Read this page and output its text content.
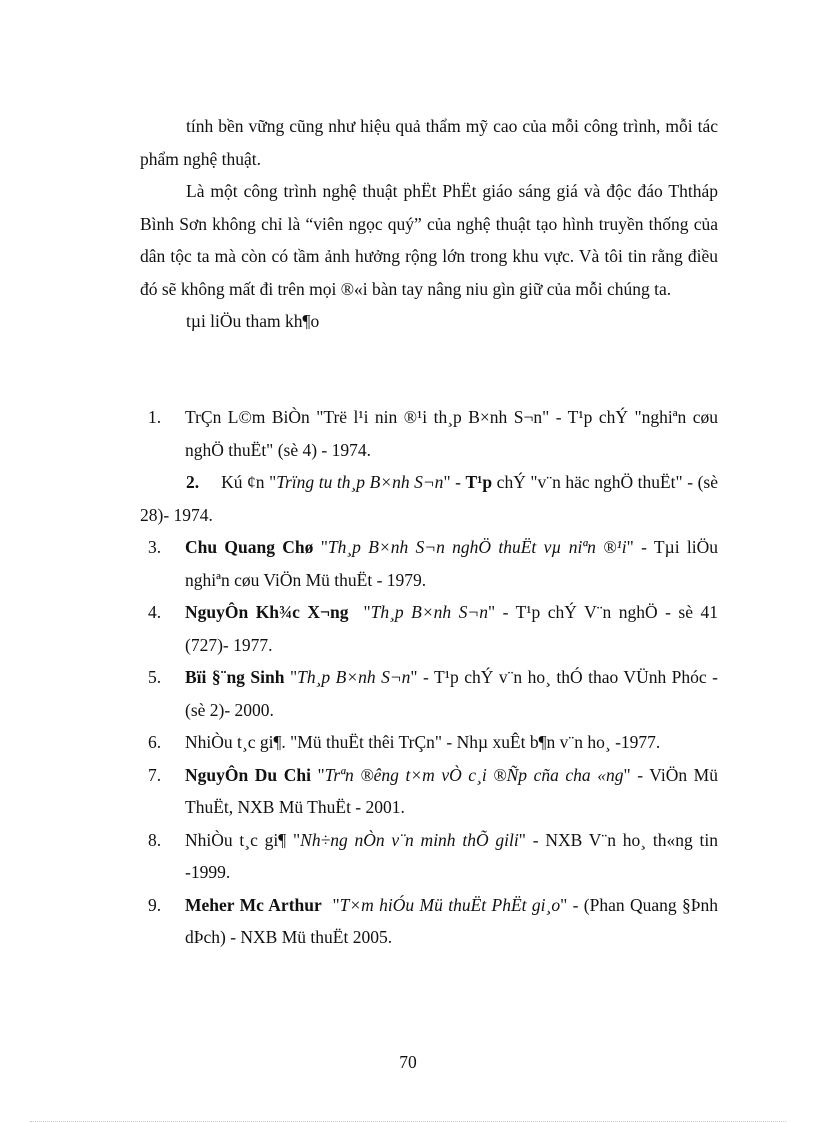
tính bền vững cũng như hiệu quả thẩm mỹ cao của mỗi công trình, mỗi tác phẩm nghệ thuật.

Là một công trình nghệ thuật phËt PhËt giáo sáng giá và độc đáo Ththáp Bình Sơn không chỉ là “viên ngọc quý” của nghệ thuật tạo hình truyền thống của dân tộc ta mà còn có tầm ảnh hưởng rộng lớn trong khu vực. Và tôi tin rằng điều đó sẽ không mất đi trên mọi ®«i bàn tay nâng niu gìn giữ của mỗi chúng ta.

tµi liÖu tham kh¶o

1. TrÇn L©m BiÒn "Trë l¹i nin ®¹i th¸p B×nh S¬n" - T¹p chÝ "nghiªn cøu nghÖ thuËt" (sè 4) - 1974.
2. Kú ¢n "Trïng tu th¸p B×nh S¬n" - T¹p chÝ "v¨n häc nghÖ thuËt" - (sè 28)- 1974.
3. Chu Quang Chø "Th¸p B×nh S¬n nghÖ thuËt vµ niªn ®¹i" - Tµi liÖu nghiªn cøu ViÖn Mü thuËt - 1979.
4. NguyÔn Kh¾c X¬ng  "Th¸p B×nh S¬n" - T¹p chÝ V¨n nghÖ - sè 41 (727)- 1977.
5. Bïi §¨ng Sinh "Th¸p B×nh S¬n" - T¹p chÝ v¨n ho¸ thÓ thao VÜnh Phóc - (sè 2)- 2000.
6. NhiÒu t¸c gi¶. "Mü thuËt thêi TrÇn" - Nhµ xuÊt b¶n v¨n ho¸ -1977.
7. NguyÔn Du Chi "Trªn ®êng t×m vÒ c¸i ®Ñp cña cha «ng" - ViÖn Mü ThuËt, NXB Mü ThuËt - 2001.
8. NhiÒu t¸c gi¶ "Nh÷ng nÒn v¨n minh thÕ gili" - NXB V¨n ho¸ th«ng tin -1999.
9. Meher Mc Arthur  "T×m hiÓu Mü thuËt PhËt gi¸o" - (Phan Quang §Þnh dÞch) - NXB Mü thuËt 2005.
70
